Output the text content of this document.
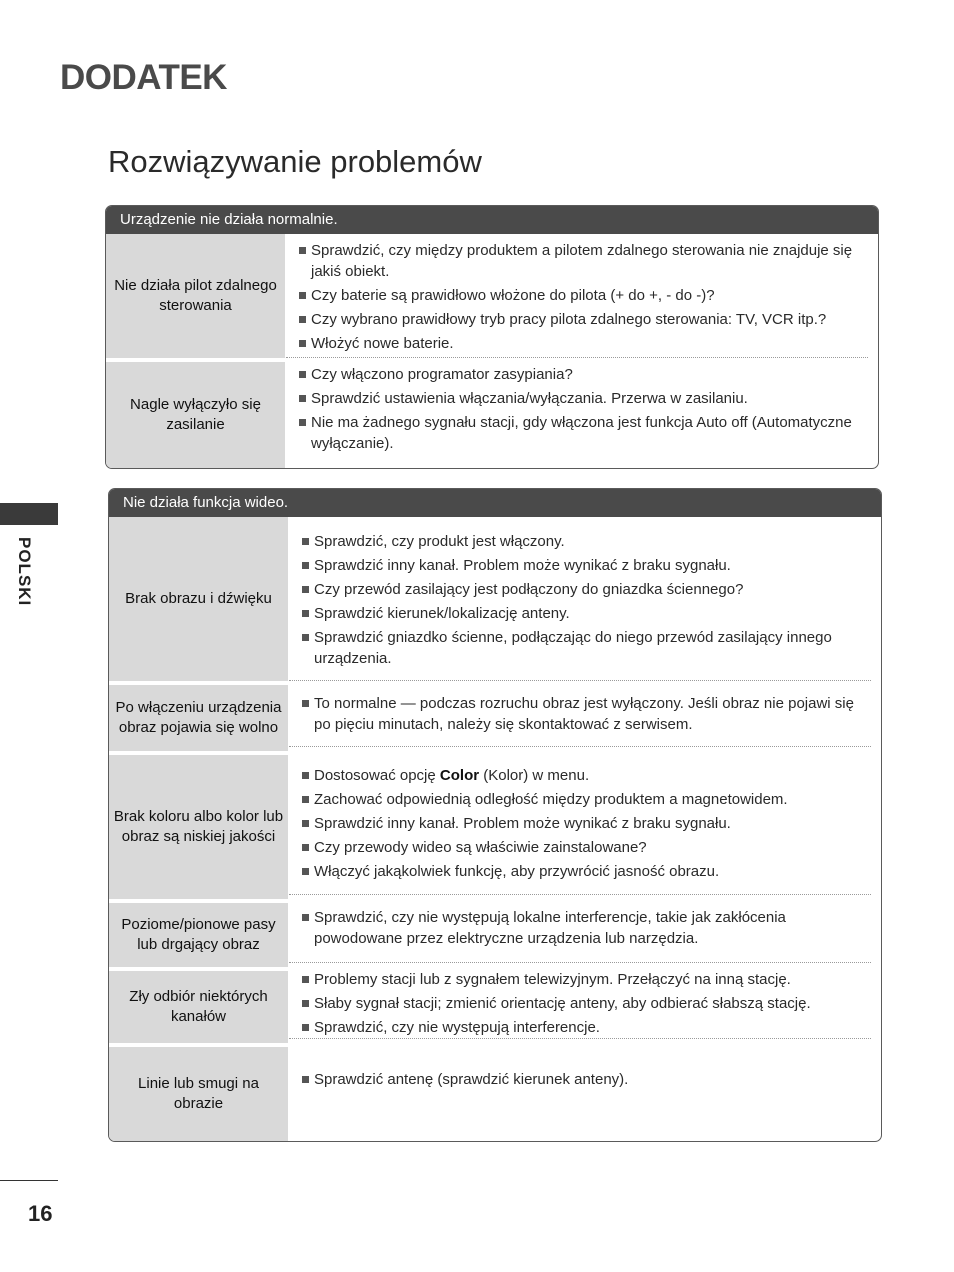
DODATEK
Rozwiązywanie problemów
POLSKI
16
Urządzenie nie działa normalnie.
Nie działa pilot zdalnego sterowania
Sprawdzić, czy między produktem a pilotem zdalnego sterowania nie znajduje się jakiś obiekt.
Czy baterie są prawidłowo włożone do pilota (+ do +, - do -)?
Czy wybrano prawidłowy tryb pracy pilota zdalnego sterowania: TV, VCR itp.?
Włożyć nowe baterie.
Nagle wyłączyło się zasilanie
Czy włączono programator zasypiania?
Sprawdzić ustawienia włączania/wyłączania. Przerwa w zasilaniu.
Nie ma żadnego sygnału stacji, gdy włączona jest funkcja Auto off (Automatyczne wyłączanie).
Nie działa funkcja wideo.
Brak obrazu i dźwięku
Sprawdzić, czy produkt jest włączony.
Sprawdzić inny kanał. Problem może wynikać z braku sygnału.
Czy przewód zasilający jest podłączony do gniazdka ściennego?
Sprawdzić kierunek/lokalizację anteny.
Sprawdzić gniazdko ścienne, podłączając do niego przewód zasilający innego urządzenia.
Po włączeniu urządzenia obraz pojawia się wolno
To normalne — podczas rozruchu obraz jest wyłączony. Jeśli obraz nie pojawi się po pięciu minutach, należy się skontaktować z serwisem.
Brak koloru albo kolor lub obraz są niskiej jakości
Dostosować opcję Color (Kolor) w menu.
Zachować odpowiednią odległość między produktem a magnetowidem.
Sprawdzić inny kanał. Problem może wynikać z braku sygnału.
Czy przewody wideo są właściwie zainstalowane?
Włączyć jakąkolwiek funkcję, aby przywrócić jasność obrazu.
Poziome/pionowe pasy lub drgający obraz
Sprawdzić, czy nie występują lokalne interferencje, takie jak zakłócenia powodowane przez elektryczne urządzenia lub narzędzia.
Zły odbiór niektórych kanałów
Problemy stacji lub z sygnałem telewizyjnym. Przełączyć na inną stację.
Słaby sygnał stacji; zmienić orientację anteny, aby odbierać słabszą stację.
Sprawdzić, czy nie występują interferencje.
Linie lub smugi na obrazie
Sprawdzić antenę (sprawdzić kierunek anteny).
